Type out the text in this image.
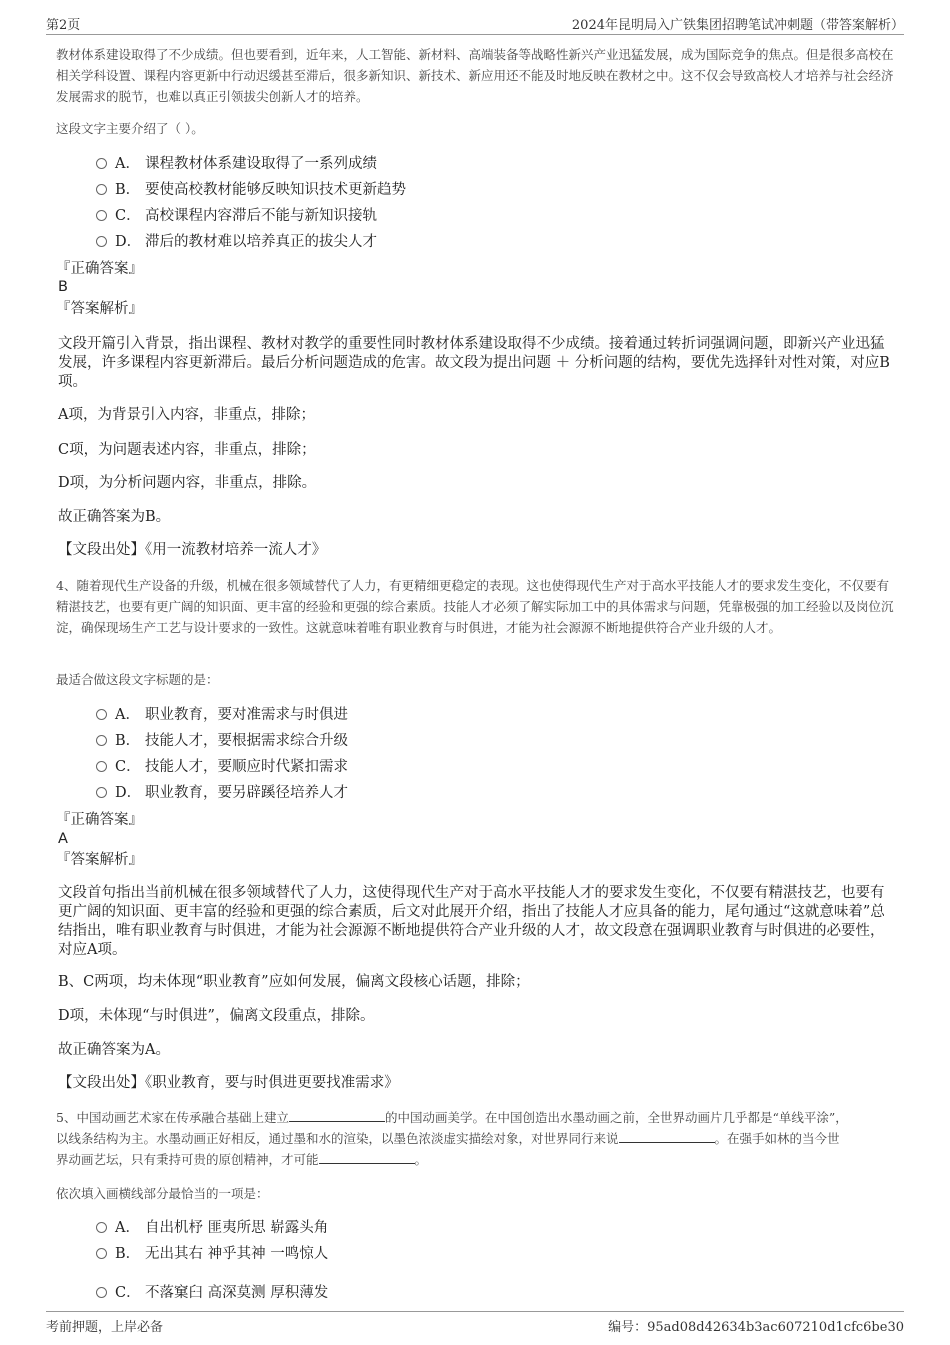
第2页	2024年昆明局入广铁集团招聘笔试冲刺题（带答案解析）
教材体系建设取得了不少成绩。但也要看到，近年来，人工智能、新材料、高端装备等战略性新兴产业迅猛发展，成为国际竞争的焦点。但是很多高校在相关学科设置、课程内容更新中行动迟缓甚至滞后，很多新知识、新技术、新应用还不能及时地反映在教材之中。这不仅会导致高校人才培养与社会经济发展需求的脱节，也难以真正引领拔尖创新人才的培养。
这段文字主要介绍了（ ）。
A． 课程教材体系建设取得了一系列成绩
B． 要使高校教材能够反映知识技术更新趋势
C． 高校课程内容滞后不能与新知识接轨
D． 滞后的教材难以培养真正的拔尖人才
『正确答案』
B
『答案解析』
文段开篇引入背景，指出课程、教材对教学的重要性同时教材体系建设取得不少成绩。接着通过转折词强调问题，即新兴产业迅猛发展，许多课程内容更新滞后。最后分析问题造成的危害。故文段为提出问题 ＋ 分析问题的结构，要优先选择针对性对策，对应B项。
A项，为背景引入内容，非重点，排除；
C项，为问题表述内容，非重点，排除；
D项，为分析问题内容，非重点，排除。
故正确答案为B。
【文段出处】《用一流教材培养一流人才》
4、随着现代生产设备的升级，机械在很多领域替代了人力，有更精细更稳定的表现。这也使得现代生产对于高水平技能人才的要求发生变化，不仅要有精湛技艺，也要有更广阔的知识面、更丰富的经验和更强的综合素质。技能人才必须了解实际加工中的具体需求与问题，凭靠极强的加工经验以及岗位沉淀，确保现场生产工艺与设计要求的一致性。这就意味着唯有职业教育与时俱进，才能为社会源源不断地提供符合产业升级的人才。
最适合做这段文字标题的是：
A． 职业教育，要对准需求与时俱进
B． 技能人才，要根据需求综合升级
C． 技能人才，要顺应时代紧扣需求
D． 职业教育，要另辟蹊径培养人才
『正确答案』
A
『答案解析』
文段首句指出当前机械在很多领域替代了人力，这使得现代生产对于高水平技能人才的要求发生变化，不仅要有精湛技艺，也要有更广阔的知识面、更丰富的经验和更强的综合素质，后文对此展开介绍，指出了技能人才应具备的能力，尾句通过“这就意味着”总结指出，唯有职业教育与时俱进，才能为社会源源不断地提供符合产业升级的人才，故文段意在强调职业教育与时俱进的必要性，对应A项。
B、C两项，均未体现“职业教育”应如何发展，偏离文段核心话题，排除；
D项，未体现“与时俱进”，偏离文段重点，排除。
故正确答案为A。
【文段出处】《职业教育，要与时俱进更要找准需求》
5、中国动画艺术家在传承融合基础上建立	的中国动画美学。在中国创造出水墨动画之前，全世界动画片几乎都是“单线平涂”，
以线条结构为主。水墨动画正好相反，通过墨和水的渲染，以墨色浓淡虚实描绘对象，对世界同行来说	。在强手如林的当今世
界动画艺坛，只有秉持可贵的原创精神，才可能	。
依次填入画横线部分最恰当的一项是：
A． 自出机杼 匪夷所思 崭露头角
B． 无出其右 神乎其神 一鸣惊人
C． 不落窠臼 高深莫测 厚积薄发
考前押题，上岸必备	编号：95ad08d42634b3ac607210d1cfc6be30
